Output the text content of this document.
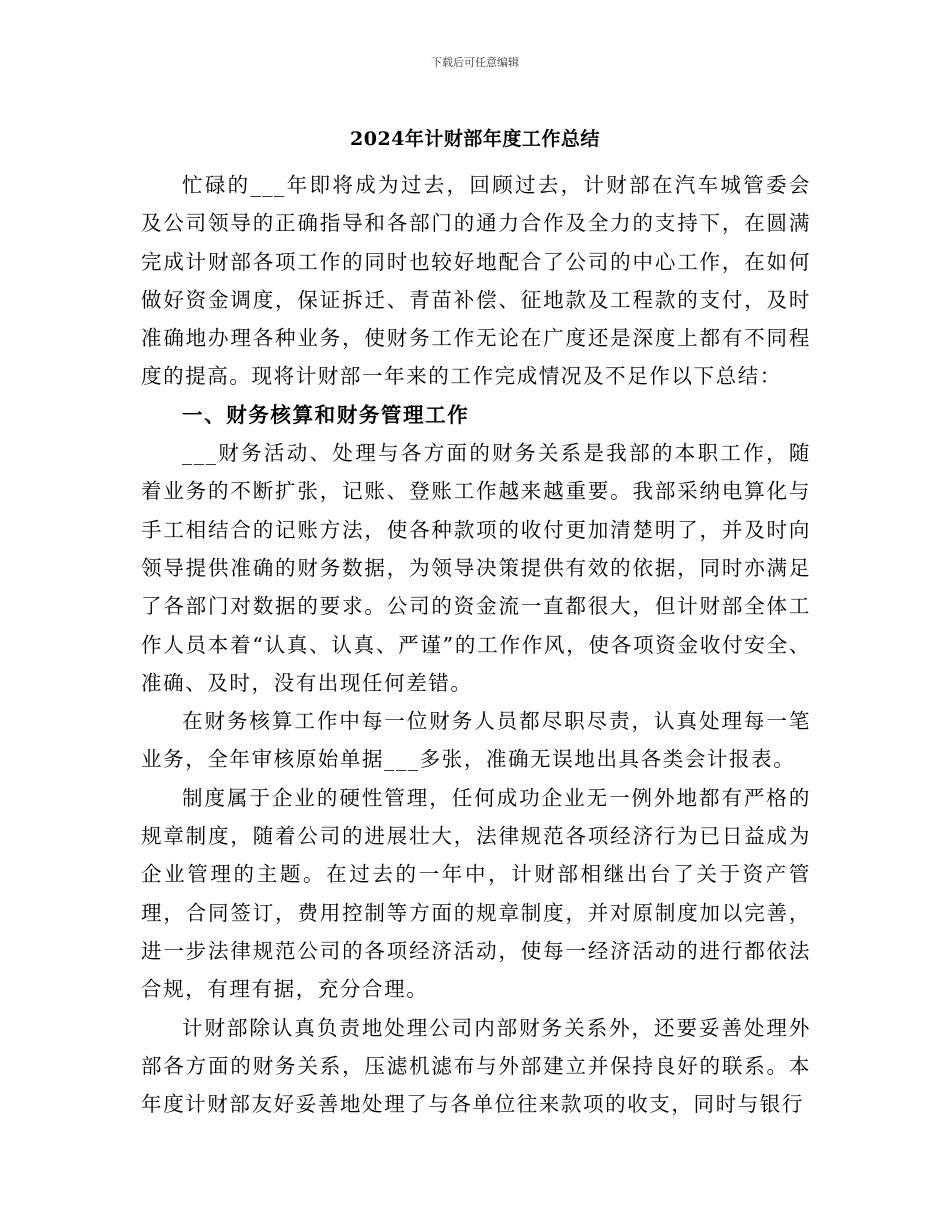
下载后可任意编辑
2024年计财部年度工作总结

忙碌的___年即将成为过去，回顾过去，计财部在汽车城管委会及公司领导的正确指导和各部门的通力合作及全力的支持下，在圆满完成计财部各项工作的同时也较好地配合了公司的中心工作，在如何做好资金调度，保证拆迁、青苗补偿、征地款及工程款的支付，及时准确地办理各种业务，使财务工作无论在广度还是深度上都有不同程度的提高。现将计财部一年来的工作完成情况及不足作以下总结：

一、财务核算和财务管理工作

___财务活动、处理与各方面的财务关系是我部的本职工作，随着业务的不断扩张，记账、登账工作越来越重要。我部采纳电算化与手工相结合的记账方法，使各种款项的收付更加清楚明了，并及时向领导提供准确的财务数据，为领导决策提供有效的依据，同时亦满足了各部门对数据的要求。公司的资金流一直都很大，但计财部全体工作人员本着“认真、认真、严谨”的工作作风，使各项资金收付安全、准确、及时，没有出现任何差错。

在财务核算工作中每一位财务人员都尽职尽责，认真处理每一笔业务，全年审核原始单据___多张，准确无误地出具各类会计报表。

制度属于企业的硬性管理，任何成功企业无一例外地都有严格的规章制度，随着公司的进展壮大，法律规范各项经济行为已日益成为企业管理的主题。在过去的一年中，计财部相继出台了关于资产管理，合同签订，费用控制等方面的规章制度，并对原制度加以完善，进一步法律规范公司的各项经济活动，使每一经济活动的进行都依法合规，有理有据，充分合理。

计财部除认真负责地处理公司内部财务关系外，还要妥善处理外部各方面的财务关系，压滤机滤布与外部建立并保持良好的联系。本年度计财部友好妥善地处理了与各单位往来款项的收支，同时与银行
